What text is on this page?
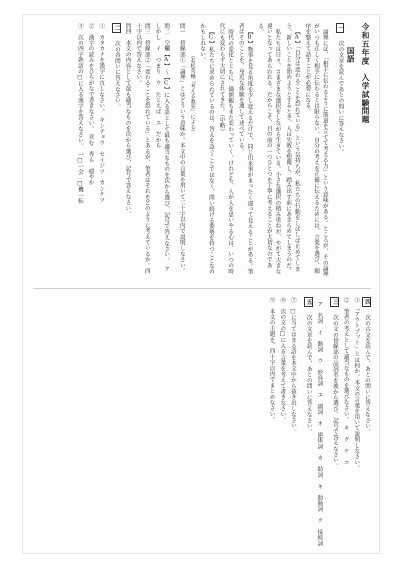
令和五年度　入学試験問題
国語
一 次の文章を読んであとの問いに答えなさい。
論理には、「相手に伝わるように筋道を立てて考える力」という意味がある。ところが、その論理がいつも正しく相手に伝わるとは限らない。自分の考えを正確に伝えるためには、言葉を選び、順序を整えて話すことが必要になる。
【A】「自分は変わることを恐れている」という気持ちが、私たちの行動をしばしば止めてしまう。新しいことを始めようとするとき、人は失敗を想像し、踏み出す前にあきらめてしまうのだ。
私たちは日々、さまざまな選択をしながら生きている。小さな選択の積み重ねが、やがて大きな違いとなってあらわれる。だからこそ、目の前の一つひとつを丁寧に考えることが大切なのである。
【B】物事を見る角度を少し変えるだけで、同じ出来事がまったく違って見えることがある。筆者はそのことを、身近な体験を通して述べている。
時代の変化とともに、価値観もまた変わっていく。けれども、人が人を思いやる心は、いつの時代にも変わらず大切にされてきた。（中略）
【C】私たちに求められているのは、答えを急ぐことではなく、問い続ける姿勢を持つことなのかもしれない。
（若松英輔『考える教室』による）
問一　傍線部①「論理」とはどういう意味か。本文中の言葉を用いて三十字以内で説明しなさい。
問二　空欄【A】～【C】に入る語として最も適当なものを次から選び、記号で答えなさい。　ア　しかし　イ　つまり　ウ　たとえば　エ　だから
問三　傍線部②「変わることを恐れている」とあるが、筆者はそれをどのように考えているか。四十字以内で答えなさい。
問四　本文の内容として最も適当なものを次から選び、記号で答えなさい。
二 次の各問いに答えなさい。
①　カタカナを漢字に直しなさい。　キンチョウ　セイジツ　カンケツ
②　漢字の読みをひらがなで書きなさい。　営む　専ら　穏やか
③　次の四字熟語の□に入る漢字を答えなさい。　一□一会　□機一転
四 次の古文を読んで、あとの問いに答えなさい。
①　「アウトプット」とは何か。本文の言葉を用いて説明しなさい。
②　筆者の考えとして適当なものを選びなさい。　キ　ク　ケ　コ
三 次の文の傍線部の品詞名を後から選び、記号で答えなさい。
ア　名詞　イ　動詞　ウ　形容詞　エ　副詞　オ　連体詞　カ　助詞　キ　助動詞　ク　接続詞
五 次の文章を読んで、あとの問いに答えなさい。
⑦　□に当てはまる語を本文中から抜き出しなさい。
⑧　次の文の□に入る言葉を考えて書きなさい。
⑨　本文の主題を、四十字以内でまとめなさい。
